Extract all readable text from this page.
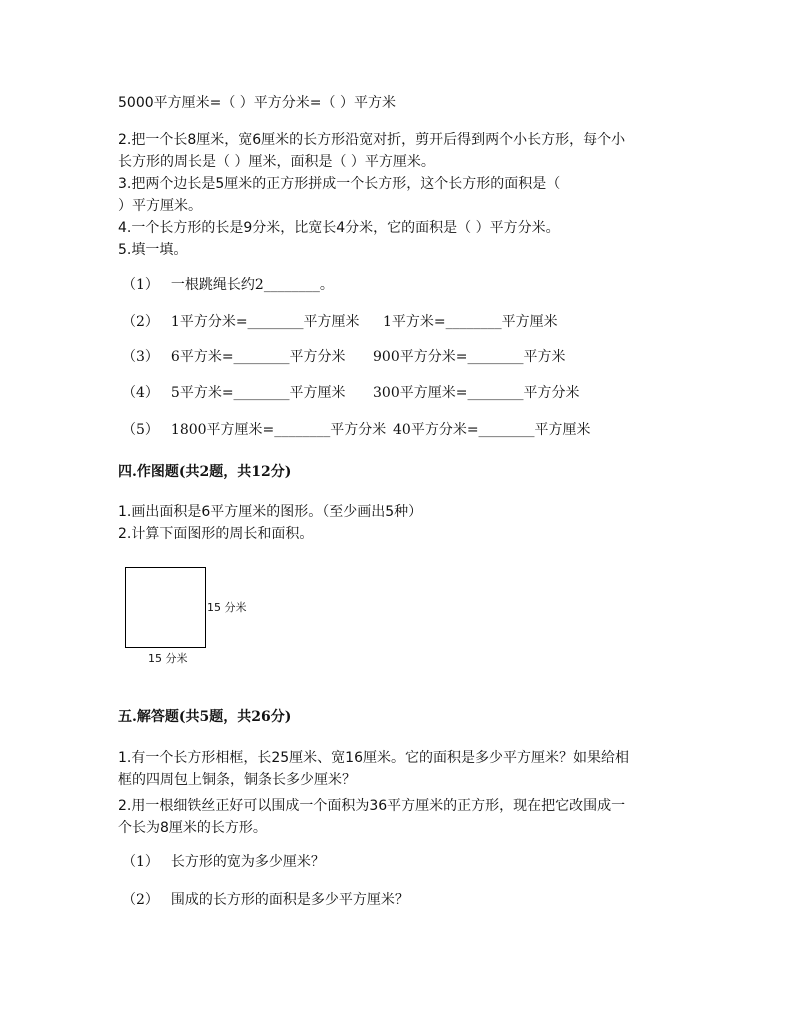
5000平方厘米=（ ）平方分米=（ ）平方米
2.把一个长8厘米，宽6厘米的长方形沿宽对折，剪开后得到两个小长方形，每个小
长方形的周长是（ ）厘米，面积是（ ）平方厘米。
3.把两个边长是5厘米的正方形拼成一个长方形，这个长方形的面积是（
）平方厘米。
4.一个长方形的长是9分米，比宽长4分米，它的面积是（ ）平方分米。
5.填一填。
（1） 一根跳绳长约2________。
（2） 1平方分米=________平方厘米 1平方米=________平方厘米
（3） 6平方米=________平方分米 900平方分米=________平方米
（4） 5平方米=________平方厘米 300平方厘米=________平方分米
（5） 1800平方厘米=________平方分米 40平方分米=________平方厘米
四.作图题(共2题，共12分)
1.画出面积是6平方厘米的图形。（至少画出5种）
2.计算下面图形的周长和面积。
15 分米
15 分米
五.解答题(共5题，共26分)
1.有一个长方形相框，长25厘米、宽16厘米。它的面积是多少平方厘米？如果给相
框的四周包上铜条，铜条长多少厘米？
2.用一根细铁丝正好可以围成一个面积为36平方厘米的正方形，现在把它改围成一
个长为8厘米的长方形。
（1） 长方形的宽为多少厘米？
（2） 围成的长方形的面积是多少平方厘米？
